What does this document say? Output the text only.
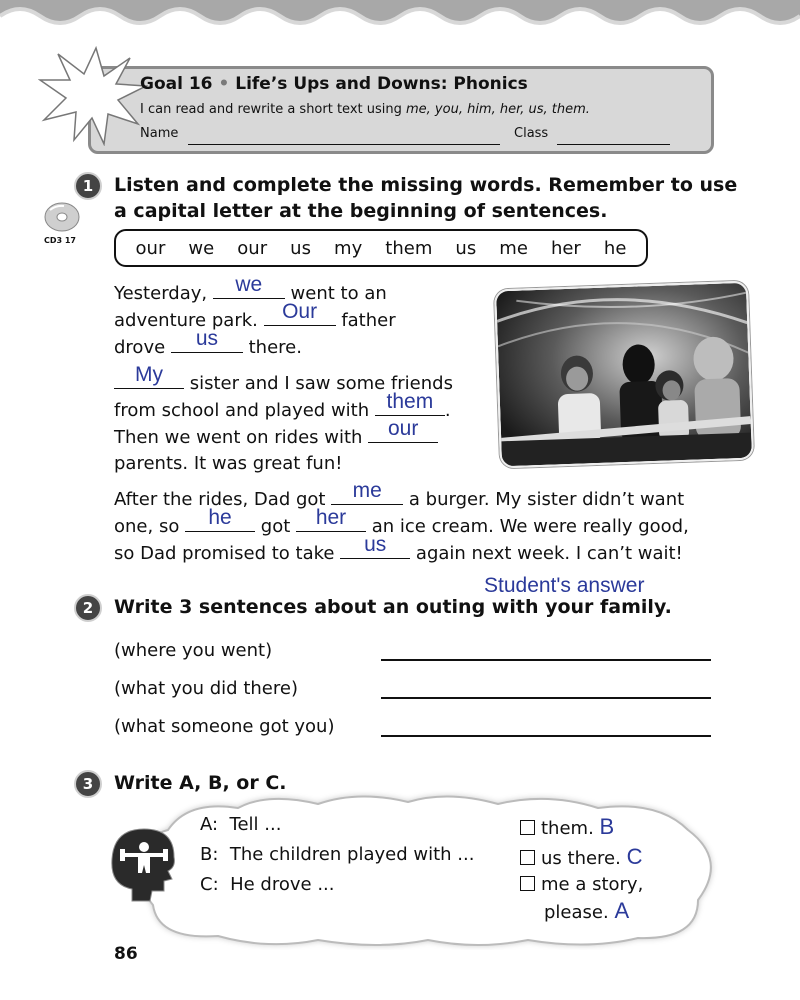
Goal 16 • Life’s Ups and Downs: Phonics
I can read and rewrite a short text using me, you, him, her, us, them.
Name	Class
1	Listen and complete the missing words. Remember to use
a capital letter at the beginning of sentences.
CD3 17	our we our us my them us me her he
Yesterday,	we	went to an
adventure park. Our	father
drove	us	there.
My	sister and I saw some friends
from school and played with them .
Then we went on rides with our
parents. It was great fun!
After the rides, Dad got	me	a burger. My sister didn’t want
one, so	he	got her	an ice cream. We were really good,
so Dad promised to take	us	again next week. I can’t wait!
Student's answer
2	Write 3 sentences about an outing with your family.
(where you went)
(what you did there)
(what someone got you)
3	Write A, B, or C.
A: Tell ...
B: The children played with ...
C: He drove ...
them. B
us there. C
me a story,
please. A
86
